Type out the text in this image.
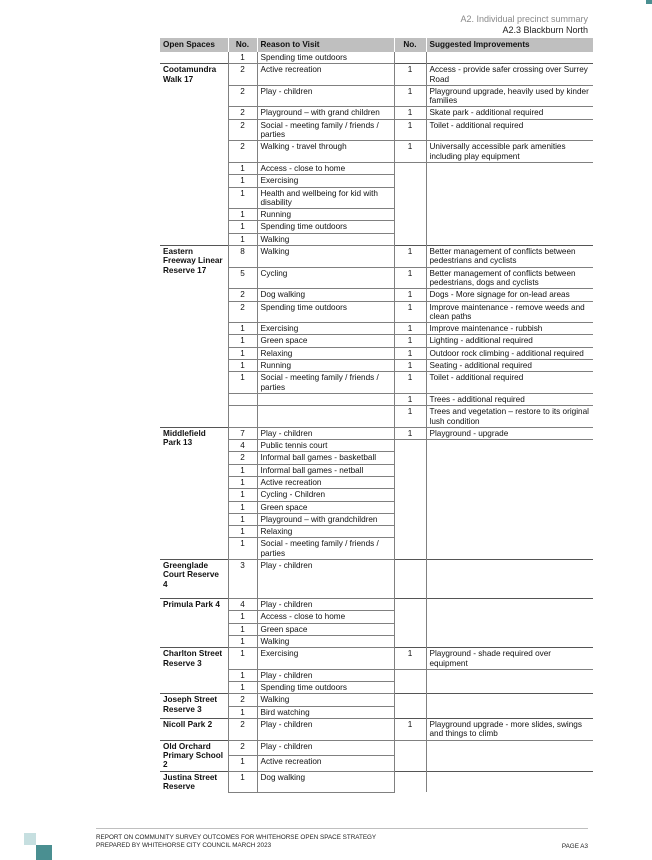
A2. Individual precinct summary
A2.3 Blackburn North
Open Spaces	No.	Reason to Visit	No.	Suggested Improvements
	1	Spending time outdoors		
Cootamundra Walk 17	2	Active recreation	1	Access - provide safer crossing over Surrey Road
	2	Play - children	1	Playground upgrade, heavily used by kinder families
	2	Playground – with grand children	1	Skate park - additional required
	2	Social - meeting family / friends / parties	1	Toilet - additional required
	2	Walking - travel through	1	Universally accessible park amenities including play equipment
	1	Access - close to home		
	1	Exercising		
	1	Health and wellbeing for kid with disability		
	1	Running		
	1	Spending time outdoors		
	1	Walking		
Eastern Freeway Linear Reserve 17	8	Walking	1	Better management of conflicts between pedestrians and cyclists
	5	Cycling	1	Better management of conflicts between pedestrians, dogs and cyclists
	2	Dog walking	1	Dogs - More signage for on-lead areas
	2	Spending time outdoors	1	Improve maintenance - remove weeds and clean paths
	1	Exercising	1	Improve maintenance - rubbish
	1	Green space	1	Lighting - additional required
	1	Relaxing	1	Outdoor rock climbing - additional required
	1	Running	1	Seating - additional required
	1	Social - meeting family / friends / parties	1	Toilet - additional required
			1	Trees - additional required
			1	Trees and vegetation – restore to its original lush condition
Middlefield Park 13	7	Play - children	1	Playground - upgrade
	4	Public tennis court		
	2	Informal ball games - basketball		
	1	Informal ball games - netball		
	1	Active recreation		
	1	Cycling - Children		
	1	Green space		
	1	Playground – with grandchildren		
	1	Relaxing		
	1	Social - meeting family / friends / parties		
Greenglade Court Reserve 4	3	Play - children		
Primula Park 4	4	Play - children		
	1	Access - close to home		
	1	Green space		
	1	Walking		
Charlton Street Reserve 3	1	Exercising	1	Playground - shade required over equipment
	1	Play - children		
	1	Spending time outdoors		
Joseph Street Reserve 3	2	Walking		
	1	Bird watching		
Nicoll Park 2	2	Play - children	1	Playground upgrade - more slides, swings and things to climb
Old Orchard Primary School 2	2	Play - children		
	1	Active recreation		
Justina Street Reserve	1	Dog walking		
REPORT ON COMMUNITY SURVEY OUTCOMES FOR WHITEHORSE OPEN SPACE STRATEGY
PREPARED BY WHITEHORSE CITY COUNCIL MARCH 2023	PAGE A3
